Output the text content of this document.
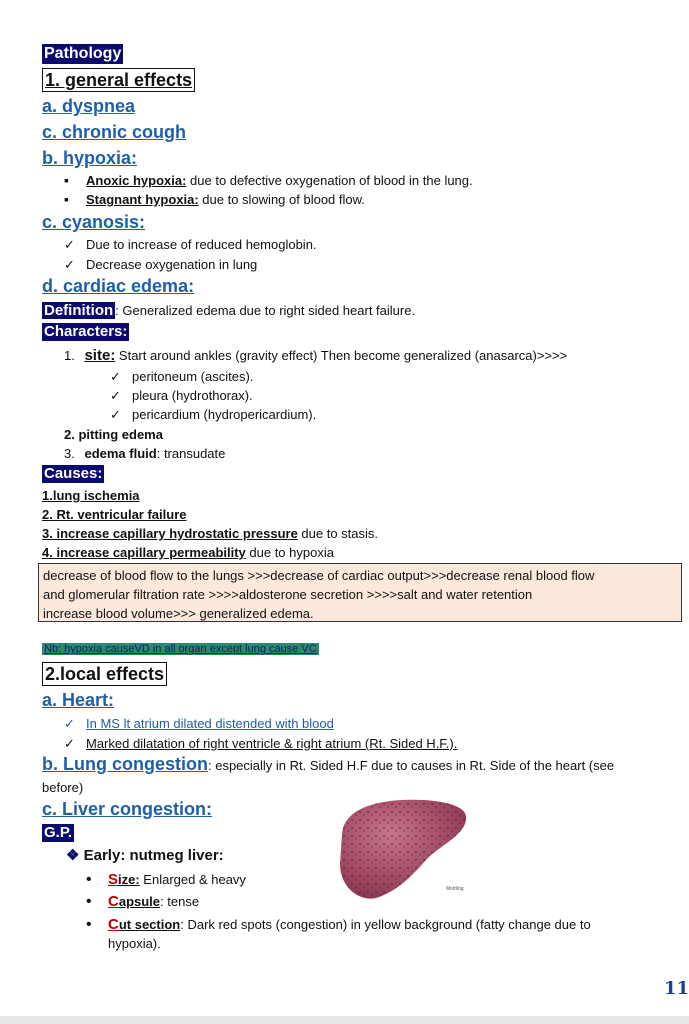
Pathology
1. general effects
a. dyspnea
c. chronic cough
b. hypoxia:
▪ Anoxic hypoxia: due to defective oxygenation of blood in the lung.
▪ Stagnant hypoxia: due to slowing of blood flow.
c. cyanosis:
✓ Due to increase of reduced hemoglobin.
✓ Decrease oxygenation in lung
d. cardiac edema:
Definition : Generalized edema due to right sided heart failure.
Characters:
1. site: Start around ankles (gravity effect) Then become generalized (anasarca)>>>>
✓ peritoneum (ascites).
✓ pleura (hydrothorax).
✓ pericardium (hydropericardium).
2. pitting edema
3. edema fluid: transudate
Causes:
1.lung ischemia
2. Rt. ventricular failure
3. increase capillary hydrostatic pressure due to stasis.
4. increase capillary permeability due to hypoxia
decrease of blood flow to the lungs >>>decrease of cardiac output>>>decrease renal blood flow
and glomerular filtration rate >>>>aldosterone secretion >>>>salt and water retention
increase blood volume>>> generalized edema.
Nb: hypoxia causeVD in all organ except lung cause VC
2.local effects
a. Heart:
✓ In MS lt atrium dilated distended with blood
✓ Marked dilatation of right ventricle & right atrium (Rt. Sided H.F.).
b. Lung congestion: especially in Rt. Sided H.F due to causes in Rt. Side of the heart (see
before)
c. Liver congestion:
G.P.
❖ Early: nutmeg liver:
• Size: Enlarged & heavy
• Capsule: tense
• Cut section: Dark red spots (congestion) in yellow background (fatty change due to
hypoxia).
Mottling
11
